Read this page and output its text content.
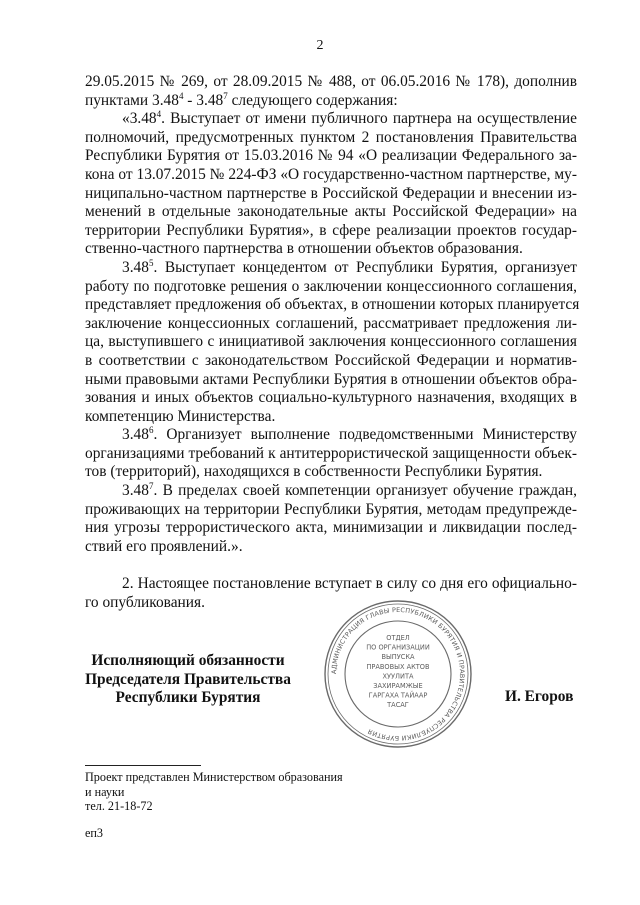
2
29.05.2015 № 269, от 28.09.2015 № 488, от 06.05.2016 № 178), дополнив
пунктами 3.48$^4$ - 3.48$^7$ следующего содержания:
«3.48$^4$. Выступает от имени публичного партнера на осуществление
полномочий, предусмотренных пунктом 2 постановления Правительства
Республики Бурятия от 15.03.2016 № 94 «О реализации Федерального за-
кона от 13.07.2015 № 224-ФЗ «О государственно-частном партнерстве, му-
ниципально-частном партнерстве в Российской Федерации и внесении из-
менений в отдельные законодательные акты Российской Федерации» на
территории Республики Бурятия», в сфере реализации проектов государ-
ственно-частного партнерства в отношении объектов образования.
3.48$^5$. Выступает концедентом от Республики Бурятия, организует
работу по подготовке решения о заключении концессионного соглашения,
представляет предложения об объектах, в отношении которых планируется
заключение концессионных соглашений, рассматривает предложения ли-
ца, выступившего с инициативой заключения концессионного соглашения
в соответствии с законодательством Российской Федерации и норматив-
ными правовыми актами Республики Бурятия в отношении объектов обра-
зования и иных объектов социально-культурного назначения, входящих в
компетенцию Министерства.
3.48$^6$. Организует выполнение подведомственными Министерству
организациями требований к антитеррористической защищенности объек-
тов (территорий), находящихся в собственности Республики Бурятия.
3.48$^7$. В пределах своей компетенции организует обучение граждан,
проживающих на территории Республики Бурятия, методам предупрежде-
ния угрозы террористического акта, минимизации и ликвидации послед-
ствий его проявлений.».
2. Настоящее постановление вступает в силу со дня его официально-
го опубликования.
АДМИНИСТРАЦИЯ ГЛАВЫ РЕСПУБЛИКИ БУРЯТИЯ И ПРАВИТЕЛЬСТВА РЕСПУБЛИКИ БУРЯТИЯ
ОТДЕЛ
ПО ОРГАНИЗАЦИИ
ВЫПУСКА
ПРАВОВЫХ АКТОВ
ХУУЛИТА
ЗАХИРАМЖЫЕ
ГАРГАХА ТАЙААР
ТАСАГ
Исполняющий обязанности
Председателя Правительства
Республики Бурятия	И. Егоров
Проект представлен Министерством образования
и науки
тел. 21-18-72
еп3
